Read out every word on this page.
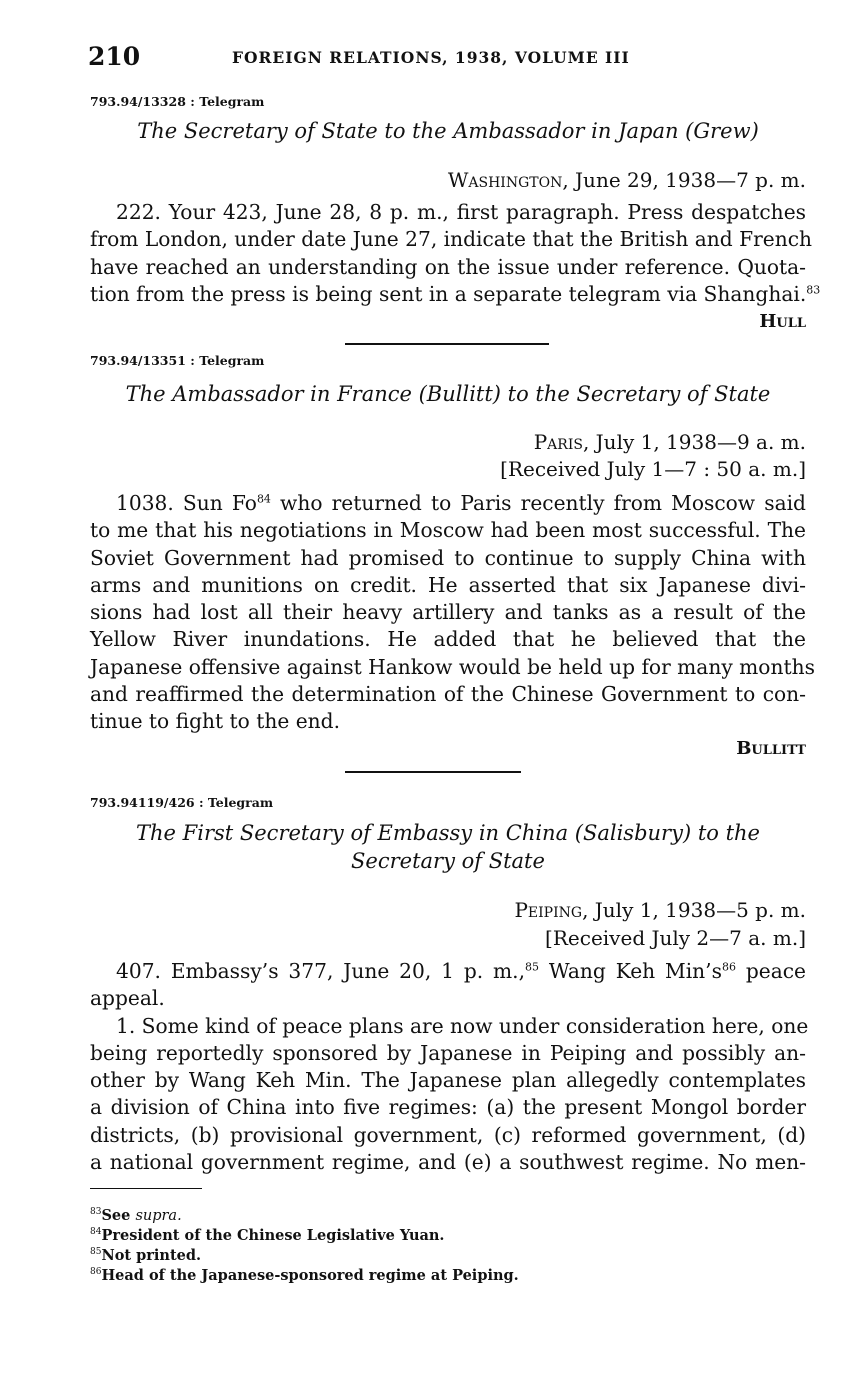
210	FOREIGN RELATIONS, 1938, VOLUME III
793.94/13328 : Telegram
The Secretary of State to the Ambassador in Japan (Grew)
Washington, June 29, 1938—7 p. m.
222. Your 423, June 28, 8 p. m., first paragraph. Press despatches
from London, under date June 27, indicate that the British and French
have reached an understanding on the issue under reference. Quota-
tion from the press is being sent in a separate telegram via Shanghai.$^{83}$
Hull
793.94/13351 : Telegram
The Ambassador in France (Bullitt) to the Secretary of State
Paris, July 1, 1938—9 a. m.
[Received July 1—7 : 50 a. m.]
1038. Sun Fo$^{84}$ who returned to Paris recently from Moscow said
to me that his negotiations in Moscow had been most successful. The
Soviet Government had promised to continue to supply China with
arms and munitions on credit. He asserted that six Japanese divi-
sions had lost all their heavy artillery and tanks as a result of the
Yellow River inundations. He added that he believed that the
Japanese offensive against Hankow would be held up for many months
and reaffirmed the determination of the Chinese Government to con-
tinue to fight to the end.
Bullitt
793.94119/426 : Telegram
The First Secretary of Embassy in China (Salisbury) to the
Secretary of State
Peiping, July 1, 1938—5 p. m.
[Received July 2—7 a. m.]
407. Embassy’s 377, June 20, 1 p. m.,$^{85}$ Wang Keh $Min’s^{86}$ peace
appeal.
1. Some kind of peace plans are now under consideration here, one
being reportedly sponsored by Japanese in Peiping and possibly an-
other by Wang Keh Min. The Japanese plan allegedly contemplates
a division of China into five regimes: (a) the present Mongol border
districts, (b) provisional government, (c) reformed government, (d)
a national government regime, and (e) a southwest regime. No men-
$^{83}$See supra.
$^{84}$President of the Chinese Legislative Yuan.
$^{85}$Not printed.
$^{86}$Head of the Japanese-sponsored regime at Peiping.
